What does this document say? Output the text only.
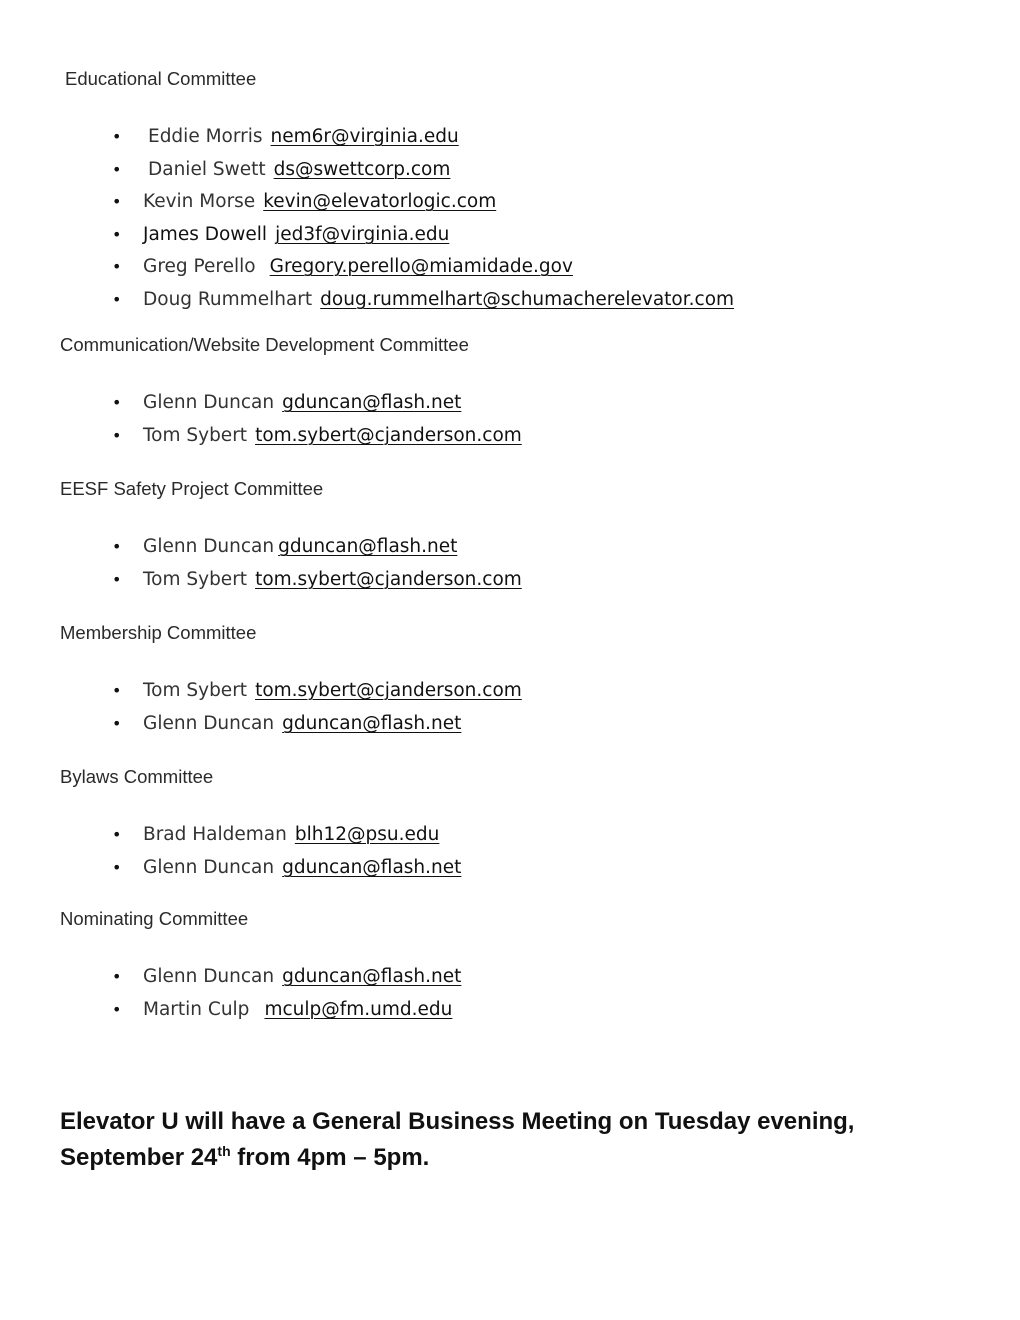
Educational Committee
• Eddie Morris nem6r@virginia.edu
• Daniel Swett ds@swettcorp.com
• Kevin Morse kevin@elevatorlogic.com
• James Dowell jed3f@virginia.edu
• Greg Perello Gregory.perello@miamidade.gov
• Doug Rummelhart doug.rummelhart@schumacherelevator.com
Communication/Website Development Committee
• Glenn Duncan gduncan@flash.net
• Tom Sybert tom.sybert@cjanderson.com
EESF Safety Project Committee
• Glenn Duncan gduncan@flash.net
• Tom Sybert tom.sybert@cjanderson.com
Membership Committee
• Tom Sybert tom.sybert@cjanderson.com
• Glenn Duncan gduncan@flash.net
Bylaws Committee
• Brad Haldeman blh12@psu.edu
• Glenn Duncan gduncan@flash.net
Nominating Committee
• Glenn Duncan gduncan@flash.net
• Martin Culp mculp@fm.umd.edu

Elevator U will have a General Business Meeting on Tuesday evening,
September 24th from 4pm – 5pm.
